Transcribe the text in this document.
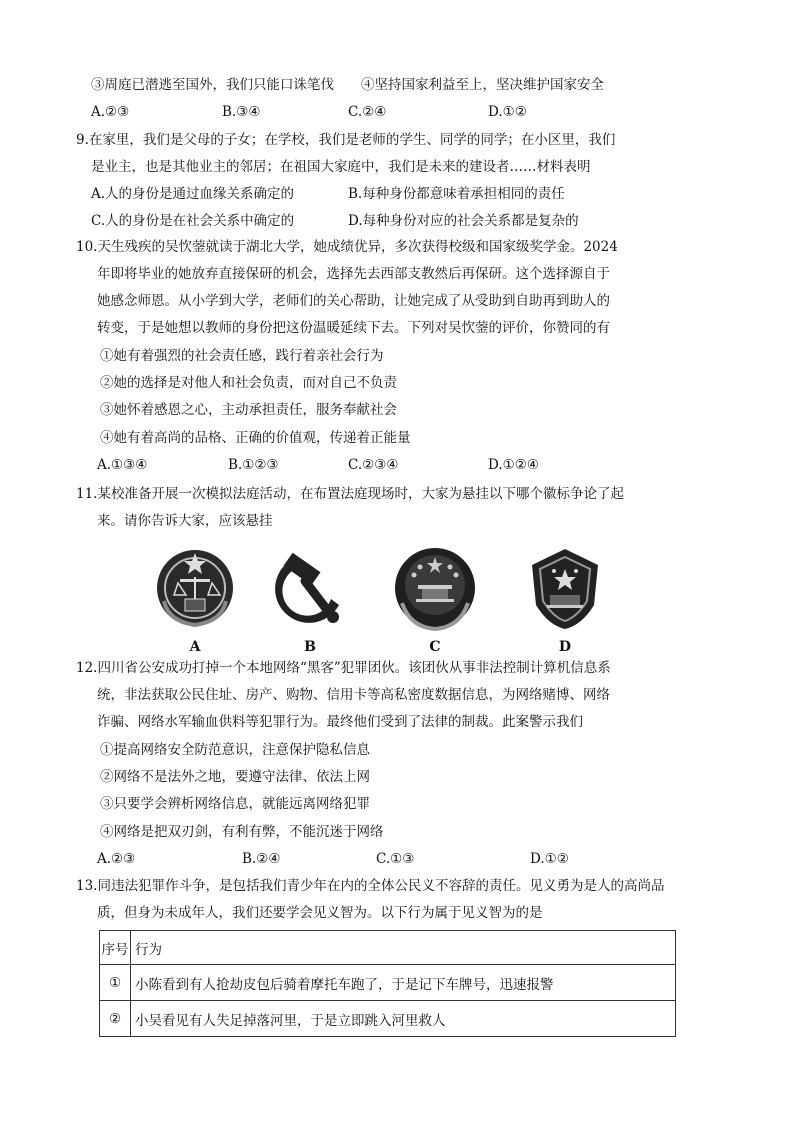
③周庭已潜逃至国外，我们只能口诛笔伐　　④坚持国家利益至上，坚决维护国家安全
A.②③	B.③④	C.②④	D.①②
9.在家里，我们是父母的子女；在学校，我们是老师的学生、同学的同学；在小区里，我们
是业主，也是其他业主的邻居；在祖国大家庭中，我们是未来的建设者……材料表明
A.人的身份是通过血缘关系确定的	B.每种身份都意味着承担相同的责任
C.人的身份是在社会关系中确定的	D.每种身份对应的社会关系都是复杂的
10.天生残疾的吴忺蓥就读于湖北大学，她成绩优异，多次获得校级和国家级奖学金。2024
年即将毕业的她放弃直接保研的机会，选择先去西部支教然后再保研。这个选择源自于
她感念师恩。从小学到大学，老师们的关心帮助，让她完成了从受助到自助再到助人的
转变，于是她想以教师的身份把这份温暖延续下去。下列对吴忺蓥的评价，你赞同的有
①她有着强烈的社会责任感，践行着亲社会行为
②她的选择是对他人和社会负责，而对自己不负责
③她怀着感恩之心，主动承担责任，服务奉献社会
④她有着高尚的品格、正确的价值观，传递着正能量
A.①③④	B.①②③	C.②③④	D.①②④
11.某校准备开展一次模拟法庭活动，在布置法庭现场时，大家为悬挂以下哪个徽标争论了起
来。请你告诉大家，应该悬挂
A	B	C	D
12.四川省公安成功打掉一个本地网络“黑客”犯罪团伙。该团伙从事非法控制计算机信息系
统，非法获取公民住址、房产、购物、信用卡等高私密度数据信息，为网络赌博、网络
诈骗、网络水军输血供料等犯罪行为。最终他们受到了法律的制裁。此案警示我们
①提高网络安全防范意识，注意保护隐私信息
②网络不是法外之地，要遵守法律、依法上网
③只要学会辨析网络信息，就能远离网络犯罪
④网络是把双刃剑，有利有弊，不能沉迷于网络
A.②③	B.②④	C.①③	D.①②
13.同违法犯罪作斗争，是包括我们青少年在内的全体公民义不容辞的责任。见义勇为是人的高尚品
质，但身为未成年人，我们还要学会见义智为。以下行为属于见义智为的是
序号	行为
①	小陈看到有人抢劫皮包后骑着摩托车跑了，于是记下车牌号，迅速报警
②	小吴看见有人失足掉落河里，于是立即跳入河里救人
